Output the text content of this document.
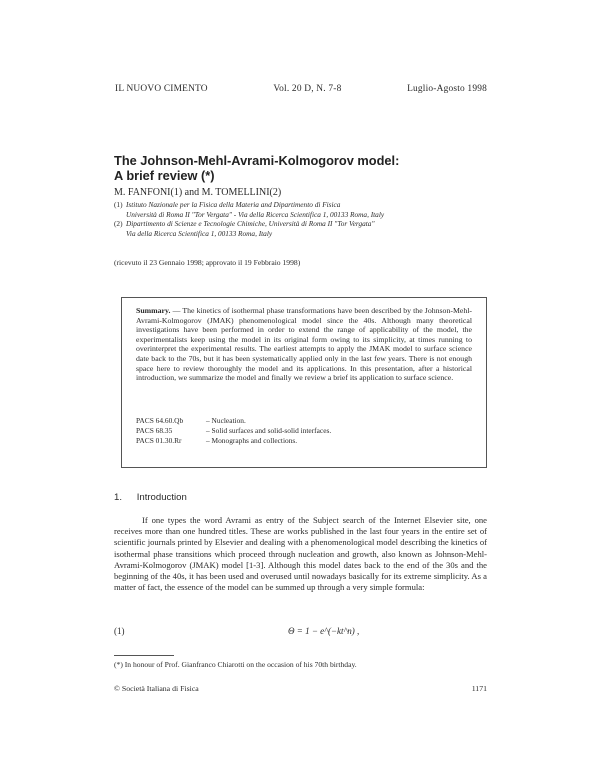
IL NUOVO CIMENTO	Vol. 20 D, N. 7-8	Luglio-Agosto 1998
The Johnson-Mehl-Avrami-Kolmogorov model:
A brief review (*)
M. FANFONI(1) and M. TOMELLINI(2)
(1) Istituto Nazionale per la Fisica della Materia and Dipartimento di Fisica
Università di Roma II "Tor Vergata" - Via della Ricerca Scientifica 1, 00133 Roma, Italy
(2) Dipartimento di Scienze e Tecnologie Chimiche, Università di Roma II "Tor Vergata"
Via della Ricerca Scientifica 1, 00133 Roma, Italy
(ricevuto il 23 Gennaio 1998; approvato il 19 Febbraio 1998)
Summary. — The kinetics of isothermal phase transformations have been described by the Johnson-Mehl-Avrami-Kolmogorov (JMAK) phenomenological model since the 40s. Although many theoretical investigations have been performed in order to extend the range of applicability of the model, the experimentalists keep using the model in its original form owing to its simplicity, at times running to overinterpret the experimental results. The earliest attempts to apply the JMAK model to surface science date back to the 70s, but it has been systematically applied only in the last few years. There is not enough space here to review thoroughly the model and its applications. In this presentation, after a historical introduction, we summarize the model and finally we review a brief its application to surface science.
PACS 64.60.Qb	– Nucleation.
PACS 68.35	– Solid surfaces and solid-solid interfaces.
PACS 01.30.Rr	– Monographs and collections.
1. Introduction
If one types the word Avrami as entry of the Subject search of the Internet Elsevier site, one receives more than one hundred titles. These are works published in the last four years in the entire set of scientific journals printed by Elsevier and dealing with a phenomenological model describing the kinetics of isothermal phase transitions which proceed through nucleation and growth, also known as Johnson-Mehl-Avrami-Kolmogorov (JMAK) model [1-3]. Although this model dates back to the end of the 30s and the beginning of the 40s, it has been used and overused until nowadays basically for its extreme simplicity. As a matter of fact, the essence of the model can be summed up through a very simple formula:
(1)	Θ = 1 − e^(−kt^n) ,
(*) In honour of Prof. Gianfranco Chiarotti on the occasion of his 70th birthday.
© Società Italiana di Fisica	1171
